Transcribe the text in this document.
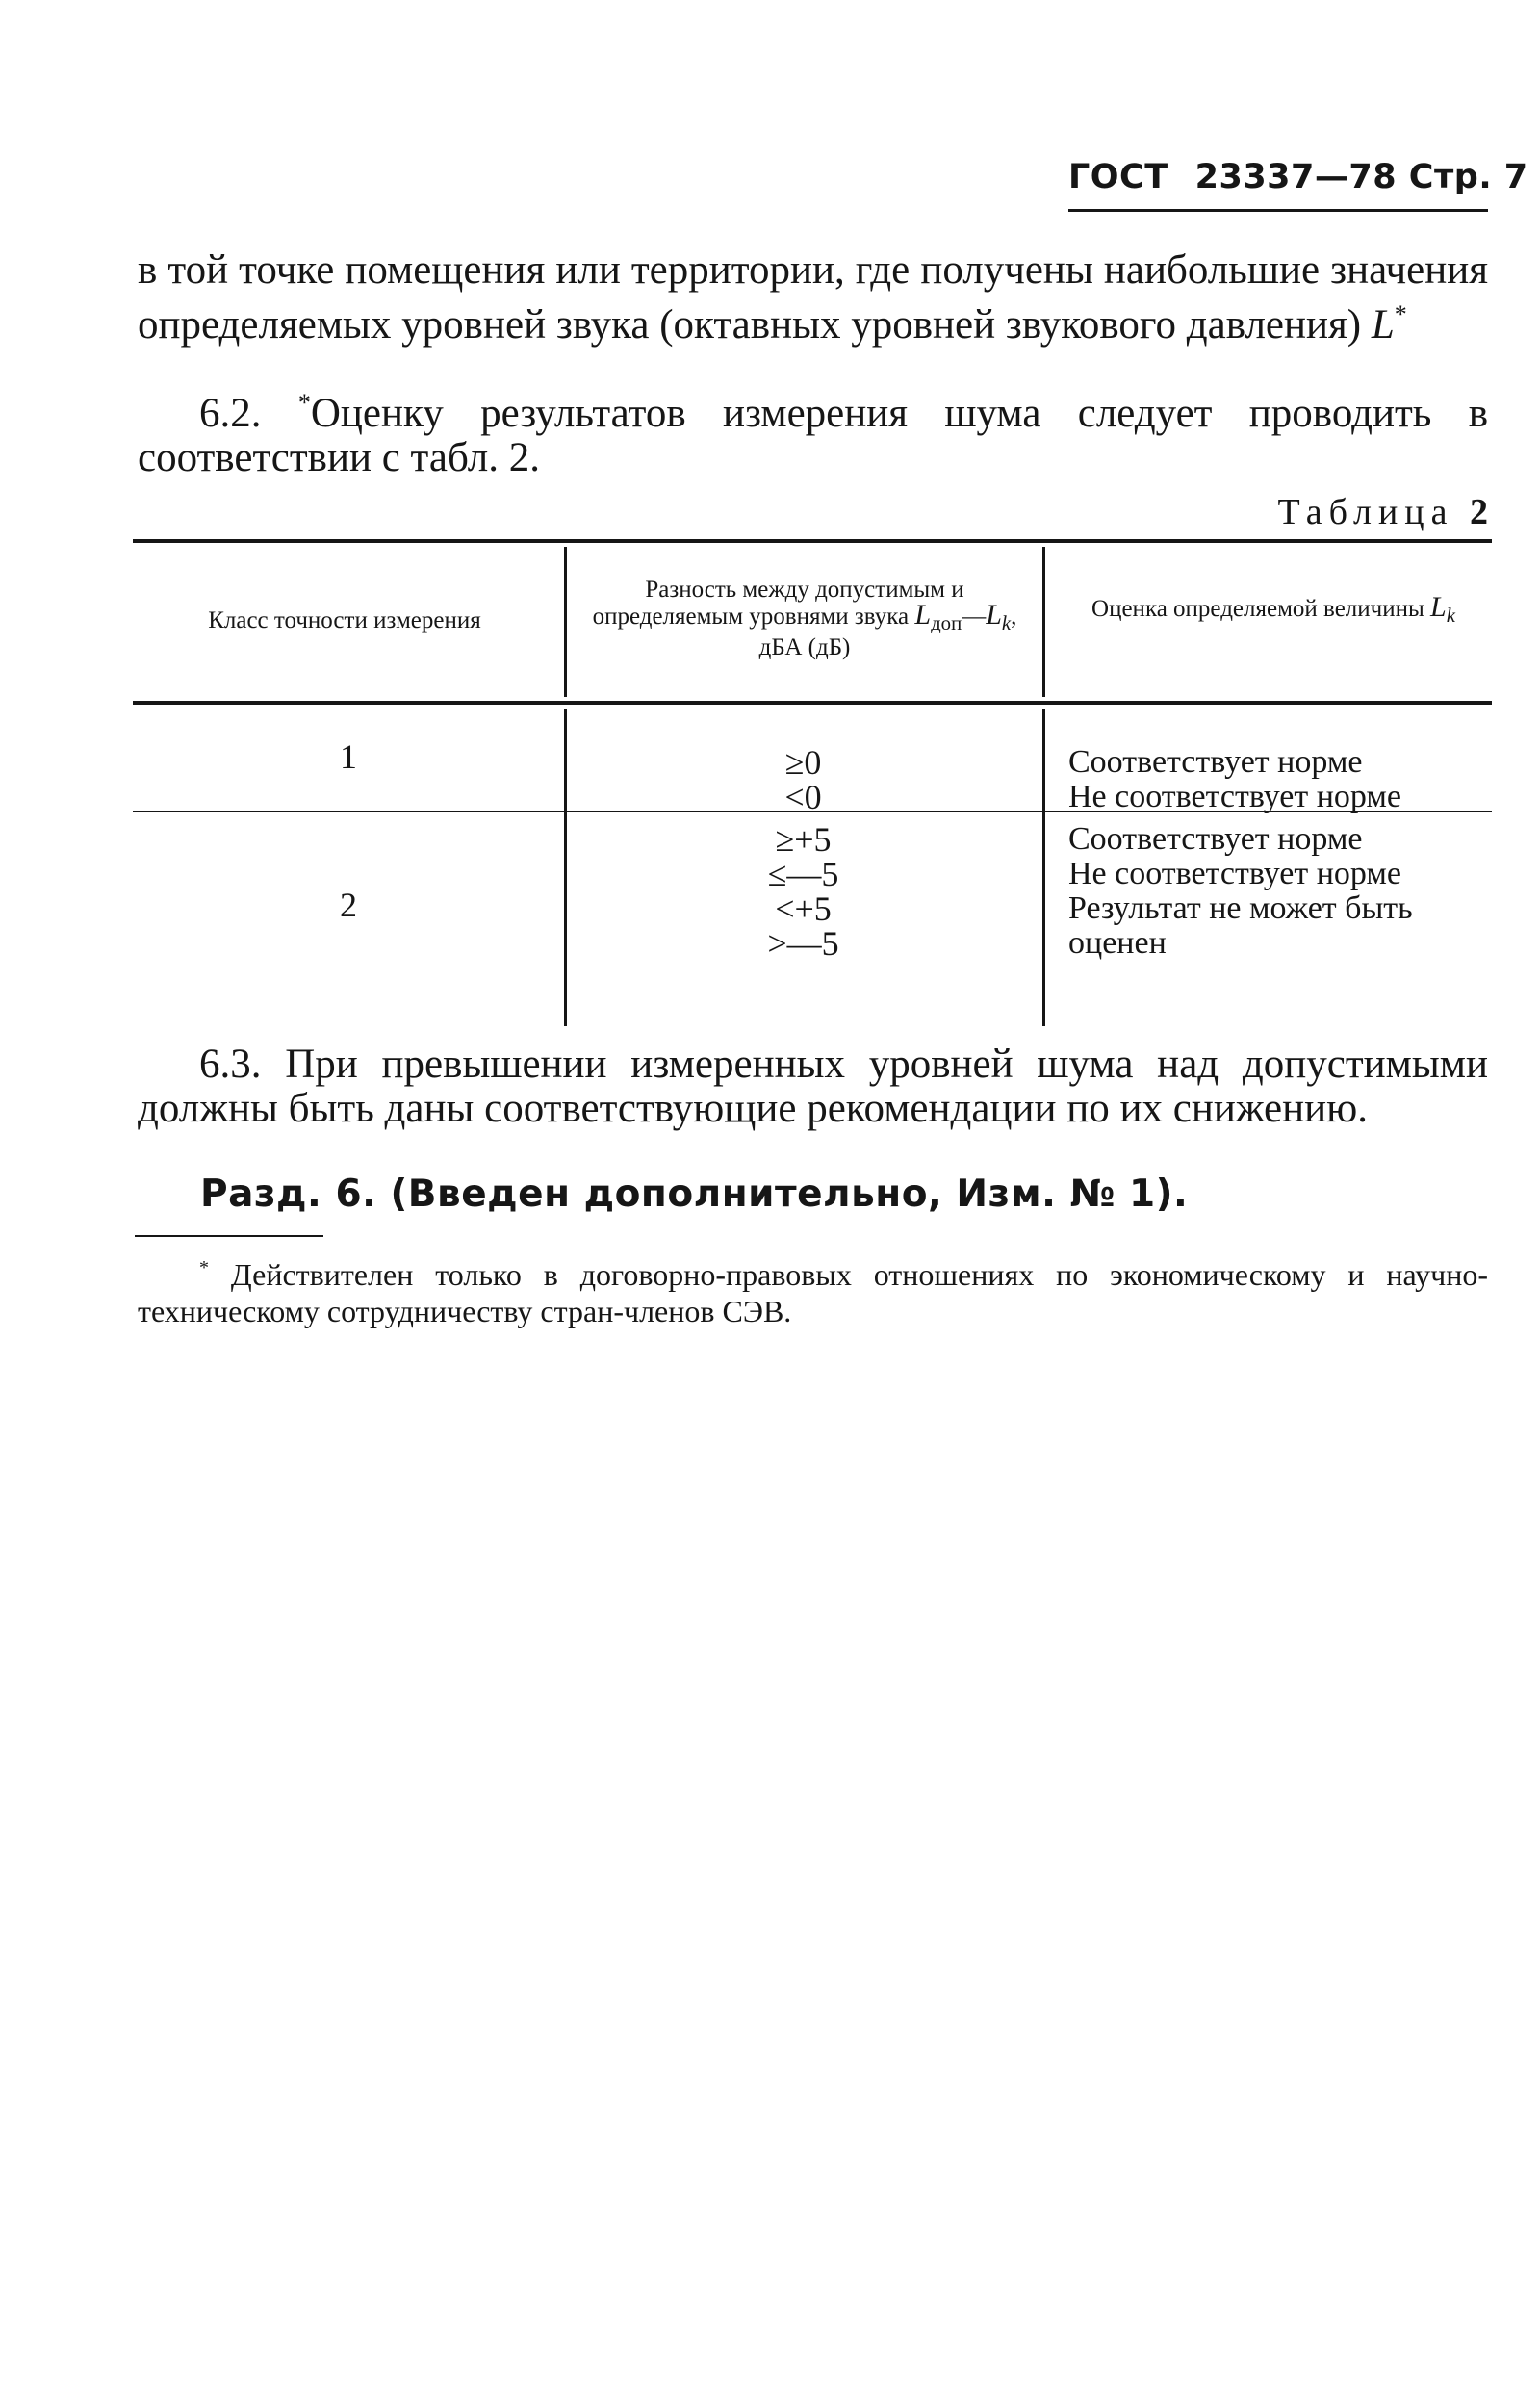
ГОСТ 23337—78 Стр. 7
в той точке помещения или территории, где получены наибольшие значения определяемых уровней звука (октавных уровней звукового давления) L*
6.2. *Оценку результатов измерения шума следует проводить в соответствии с табл. 2.
Таблица 2
Класс точности измерения
Разность между допустимым и определяемым уровнями звука $L_{доп}—L_k$, дБА (дБ)
Оценка определяемой величины $L_k$
1	≥0
<0
Соответствует норме
Не соответствует норме
2
≥+5
≤—5
<+5
>—5
Соответствует норме
Не соответствует норме
Результат не может быть оценен
6.3. При превышении измеренных уровней шума над допустимыми должны быть даны соответствующие рекомендации по их снижению.
Разд. 6. (Введен дополнительно, Изм. № 1).
* Действителен только в договорно-правовых отношениях по экономическому и научно-техническому сотрудничеству стран-членов СЭВ.
